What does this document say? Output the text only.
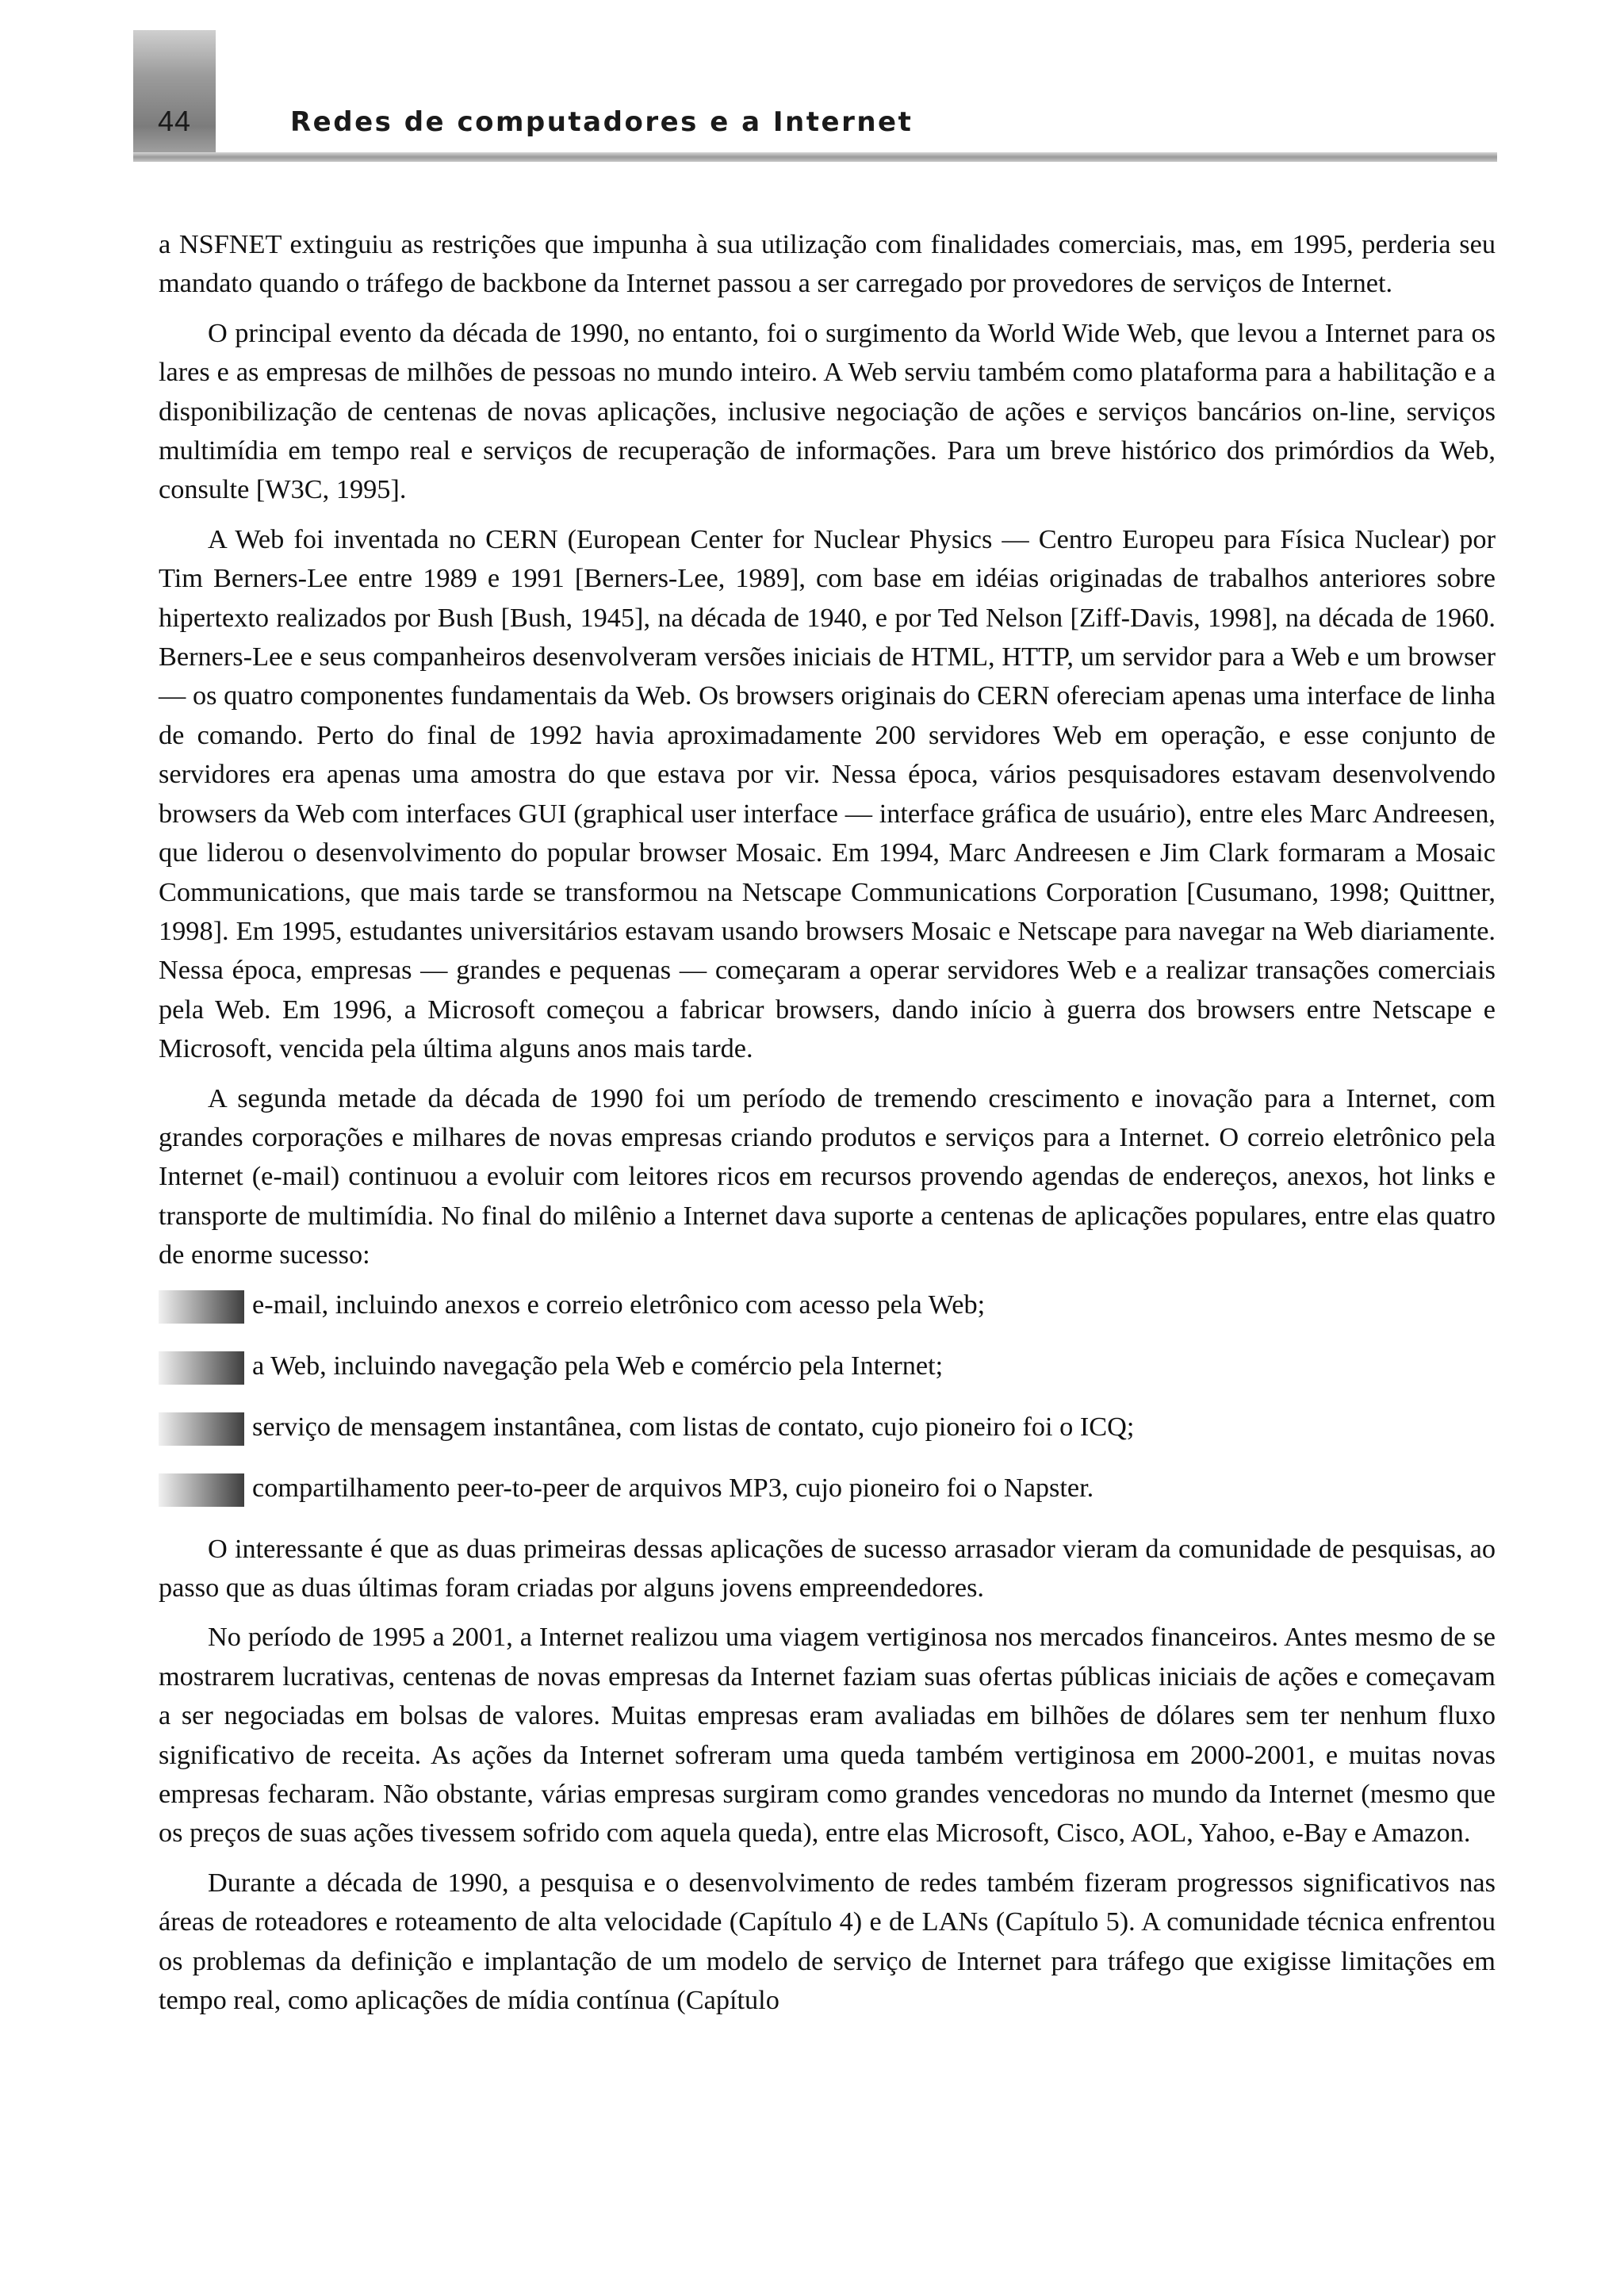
44	Redes de computadores e a Internet

a NSFNET extinguiu as restrições que impunha à sua utilização com finalidades comerciais, mas, em 1995, perderia seu mandato quando o tráfego de backbone da Internet passou a ser carregado por provedores de serviços de Internet.

O principal evento da década de 1990, no entanto, foi o surgimento da World Wide Web, que levou a Internet para os lares e as empresas de milhões de pessoas no mundo inteiro. A Web serviu também como plataforma para a habilitação e a disponibilização de centenas de novas aplicações, inclusive negociação de ações e serviços bancários on-line, serviços multimídia em tempo real e serviços de recuperação de informações. Para um breve histórico dos primórdios da Web, consulte [W3C, 1995].

A Web foi inventada no CERN (European Center for Nuclear Physics — Centro Europeu para Física Nuclear) por Tim Berners-Lee entre 1989 e 1991 [Berners-Lee, 1989], com base em idéias originadas de trabalhos anteriores sobre hipertexto realizados por Bush [Bush, 1945], na década de 1940, e por Ted Nelson [Ziff-Davis, 1998], na década de 1960. Berners-Lee e seus companheiros desenvolveram versões iniciais de HTML, HTTP, um servidor para a Web e um browser — os quatro componentes fundamentais da Web. Os browsers originais do CERN ofereciam apenas uma interface de linha de comando. Perto do final de 1992 havia aproximadamente 200 servidores Web em operação, e esse conjunto de servidores era apenas uma amostra do que estava por vir. Nessa época, vários pesquisadores estavam desenvolvendo browsers da Web com interfaces GUI (graphical user interface — interface gráfica de usuário), entre eles Marc Andreesen, que liderou o desenvolvimento do popular browser Mosaic. Em 1994, Marc Andreesen e Jim Clark formaram a Mosaic Communications, que mais tarde se transformou na Netscape Communications Corporation [Cusumano, 1998; Quittner, 1998]. Em 1995, estudantes universitários estavam usando browsers Mosaic e Netscape para navegar na Web diariamente. Nessa época, empresas — grandes e pequenas — começaram a operar servidores Web e a realizar transações comerciais pela Web. Em 1996, a Microsoft começou a fabricar browsers, dando início à guerra dos browsers entre Netscape e Microsoft, vencida pela última alguns anos mais tarde.

A segunda metade da década de 1990 foi um período de tremendo crescimento e inovação para a Internet, com grandes corporações e milhares de novas empresas criando produtos e serviços para a Internet. O correio eletrônico pela Internet (e-mail) continuou a evoluir com leitores ricos em recursos provendo agendas de endereços, anexos, hot links e transporte de multimídia. No final do milênio a Internet dava suporte a centenas de aplicações populares, entre elas quatro de enorme sucesso:

e-mail, incluindo anexos e correio eletrônico com acesso pela Web;
a Web, incluindo navegação pela Web e comércio pela Internet;
serviço de mensagem instantânea, com listas de contato, cujo pioneiro foi o ICQ;
compartilhamento peer-to-peer de arquivos MP3, cujo pioneiro foi o Napster.

O interessante é que as duas primeiras dessas aplicações de sucesso arrasador vieram da comunidade de pesquisas, ao passo que as duas últimas foram criadas por alguns jovens empreendedores.

No período de 1995 a 2001, a Internet realizou uma viagem vertiginosa nos mercados financeiros. Antes mesmo de se mostrarem lucrativas, centenas de novas empresas da Internet faziam suas ofertas públicas iniciais de ações e começavam a ser negociadas em bolsas de valores. Muitas empresas eram avaliadas em bilhões de dólares sem ter nenhum fluxo significativo de receita. As ações da Internet sofreram uma queda também vertiginosa em 2000-2001, e muitas novas empresas fecharam. Não obstante, várias empresas surgiram como grandes vencedoras no mundo da Internet (mesmo que os preços de suas ações tivessem sofrido com aquela queda), entre elas Microsoft, Cisco, AOL, Yahoo, e-Bay e Amazon.

Durante a década de 1990, a pesquisa e o desenvolvimento de redes também fizeram progressos significativos nas áreas de roteadores e roteamento de alta velocidade (Capítulo 4) e de LANs (Capítulo 5). A comunidade técnica enfrentou os problemas da definição e implantação de um modelo de serviço de Internet para tráfego que exigisse limitações em tempo real, como aplicações de mídia contínua (Capítulo
